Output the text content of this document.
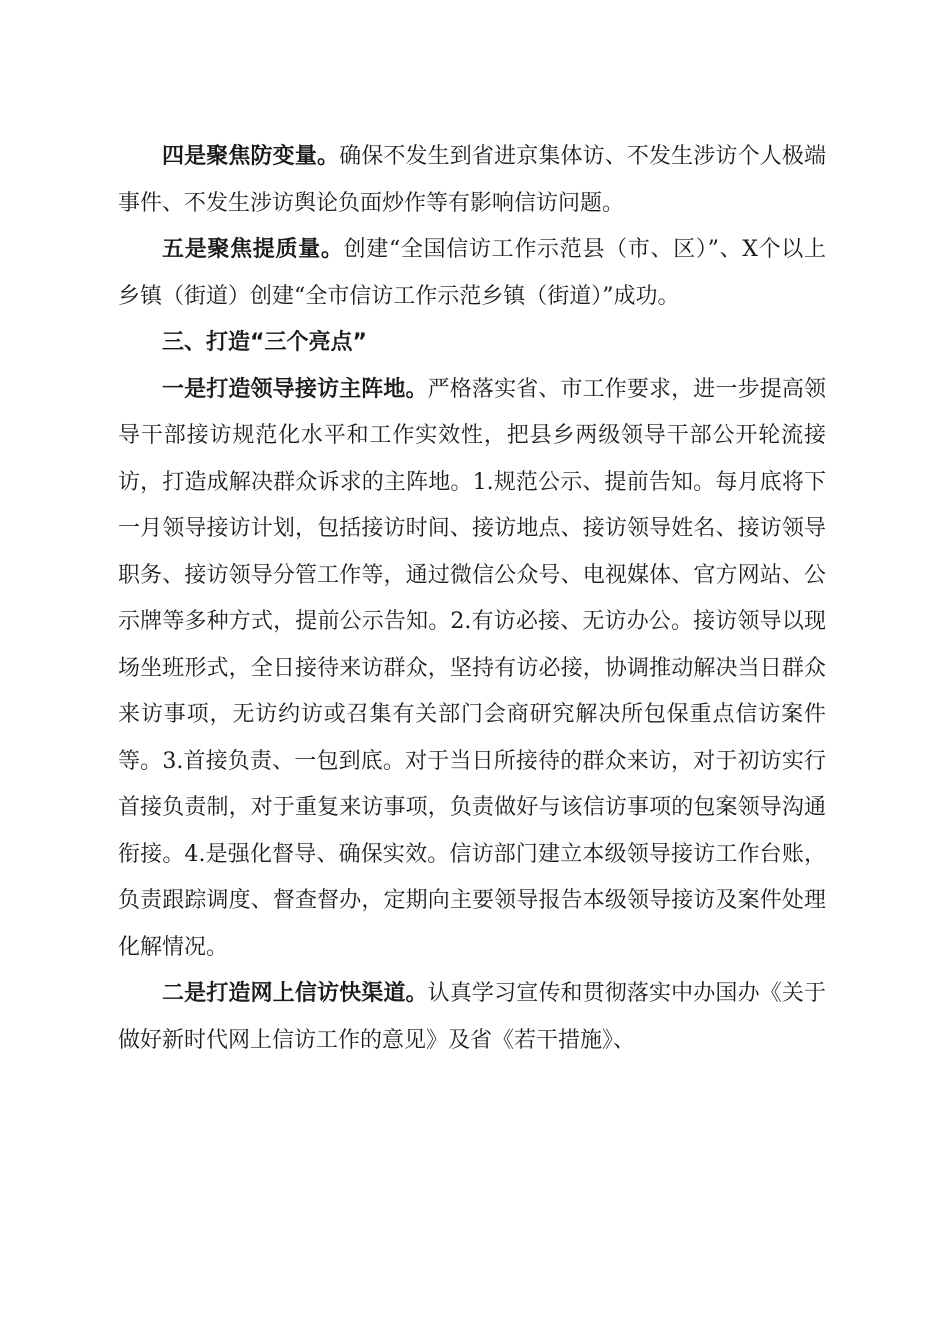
四是聚焦防变量。确保不发生到省进京集体访、不发生涉访个人极端事件、不发生涉访舆论负面炒作等有影响信访问题。

五是聚焦提质量。创建“全国信访工作示范县（市、区）”、X个以上乡镇（街道）创建“全市信访工作示范乡镇（街道）”成功。

三、打造“三个亮点”

一是打造领导接访主阵地。严格落实省、市工作要求，进一步提高领导干部接访规范化水平和工作实效性，把县乡两级领导干部公开轮流接访，打造成解决群众诉求的主阵地。1.规范公示、提前告知。每月底将下一月领导接访计划，包括接访时间、接访地点、接访领导姓名、接访领导职务、接访领导分管工作等，通过微信公众号、电视媒体、官方网站、公示牌等多种方式，提前公示告知。2.有访必接、无访办公。接访领导以现场坐班形式，全日接待来访群众，坚持有访必接，协调推动解决当日群众来访事项，无访约访或召集有关部门会商研究解决所包保重点信访案件等。3.首接负责、一包到底。对于当日所接待的群众来访，对于初访实行首接负责制，对于重复来访事项，负责做好与该信访事项的包案领导沟通衔接。4.是强化督导、确保实效。信访部门建立本级领导接访工作台账，负责跟踪调度、督查督办，定期向主要领导报告本级领导接访及案件处理化解情况。

二是打造网上信访快渠道。认真学习宣传和贯彻落实中办国办《关于做好新时代网上信访工作的意见》及省《若干措施》、
